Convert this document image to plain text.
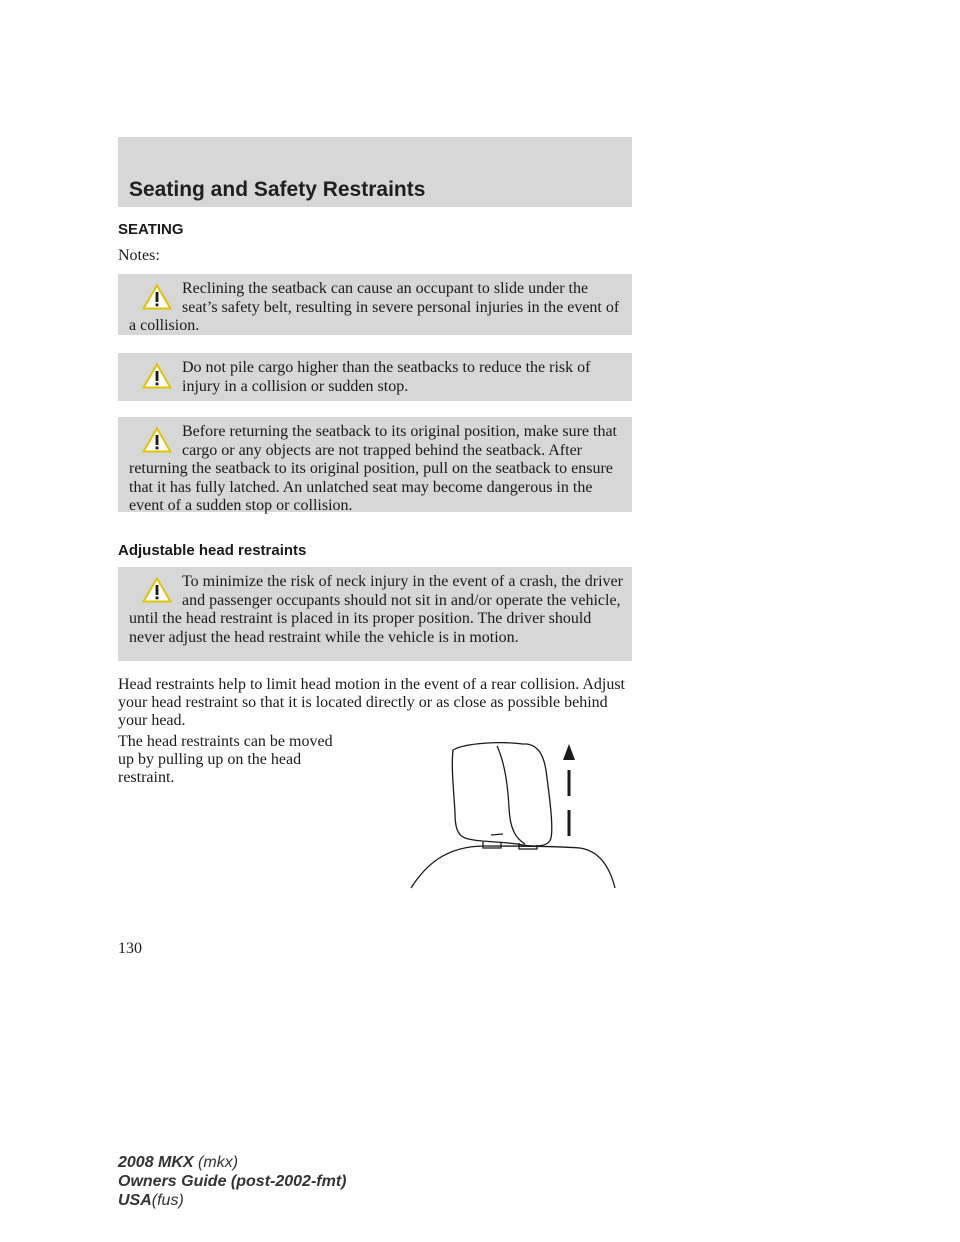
Seating and Safety Restraints
SEATING
Notes:

Reclining the seatback can cause an occupant to slide under the seat’s safety belt, resulting in severe personal injuries in the event of a collision.

Do not pile cargo higher than the seatbacks to reduce the risk of injury in a collision or sudden stop.

Before returning the seatback to its original position, make sure that cargo or any objects are not trapped behind the seatback. After returning the seatback to its original position, pull on the seatback to ensure that it has fully latched. An unlatched seat may become dangerous in the event of a sudden stop or collision.

Adjustable head restraints

To minimize the risk of neck injury in the event of a crash, the driver and passenger occupants should not sit in and/or operate the vehicle, until the head restraint is placed in its proper position. The driver should never adjust the head restraint while the vehicle is in motion.

Head restraints help to limit head motion in the event of a rear collision. Adjust your head restraint so that it is located directly or as close as possible behind your head.
The head restraints can be moved up by pulling up on the head restraint.
130
2008 MKX (mkx)
Owners Guide (post-2002-fmt)
USA(fus)
